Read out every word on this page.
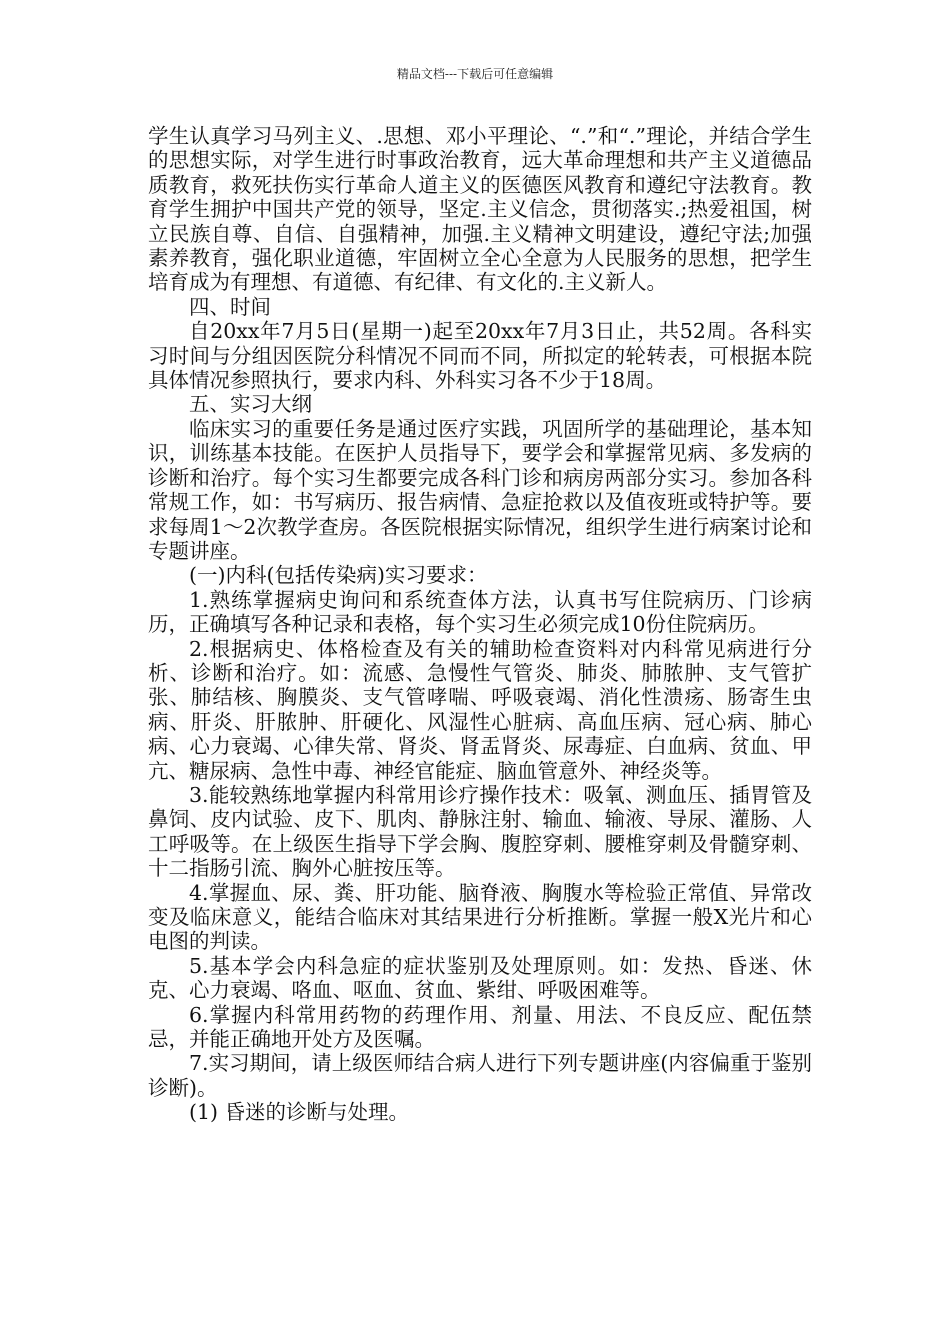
精品文档---下载后可任意编辑

学生认真学习马列主义、.思想、邓小平理论、“.”和“.”理论，并结合学生的思想实际，对学生进行时事政治教育，远大革命理想和共产主义道德品质教育，救死扶伤实行革命人道主义的医德医风教育和遵纪守法教育。教育学生拥护中国共产党的领导，坚定.主义信念，贯彻落实.;热爱祖国，树立民族自尊、自信、自强精神，加强.主义精神文明建设，遵纪守法;加强素养教育，强化职业道德，牢固树立全心全意为人民服务的思想，把学生培育成为有理想、有道德、有纪律、有文化的.主义新人。

四、时间

自20xx年7月5日(星期一)起至20xx年7月3日止，共52周。各科实习时间与分组因医院分科情况不同而不同，所拟定的轮转表，可根据本院具体情况参照执行，要求内科、外科实习各不少于18周。

五、实习大纲

临床实习的重要任务是通过医疗实践，巩固所学的基础理论，基本知识，训练基本技能。在医护人员指导下，要学会和掌握常见病、多发病的诊断和治疗。每个实习生都要完成各科门诊和病房两部分实习。参加各科常规工作，如：书写病历、报告病情、急症抢救以及值夜班或特护等。要求每周1～2次教学查房。各医院根据实际情况，组织学生进行病案讨论和专题讲座。

(一)内科(包括传染病)实习要求：

1.熟练掌握病史询问和系统查体方法，认真书写住院病历、门诊病历，正确填写各种记录和表格，每个实习生必须完成10份住院病历。

2.根据病史、体格检查及有关的辅助检查资料对内科常见病进行分析、诊断和治疗。如：流感、急慢性气管炎、肺炎、肺脓肿、支气管扩张、肺结核、胸膜炎、支气管哮喘、呼吸衰竭、消化性溃疡、肠寄生虫病、肝炎、肝脓肿、肝硬化、风湿性心脏病、高血压病、冠心病、肺心病、心力衰竭、心律失常、肾炎、肾盂肾炎、尿毒症、白血病、贫血、甲亢、糖尿病、急性中毒、神经官能症、脑血管意外、神经炎等。

3.能较熟练地掌握内科常用诊疗操作技术：吸氧、测血压、插胃管及鼻饲、皮内试验、皮下、肌肉、静脉注射、输血、输液、导尿、灌肠、人工呼吸等。在上级医生指导下学会胸、腹腔穿刺、腰椎穿刺及骨髓穿刺、十二指肠引流、胸外心脏按压等。

4.掌握血、尿、粪、肝功能、脑脊液、胸腹水等检验正常值、异常改变及临床意义，能结合临床对其结果进行分析推断。掌握一般X光片和心电图的判读。

5.基本学会内科急症的症状鉴别及处理原则。如：发热、昏迷、休克、心力衰竭、咯血、呕血、贫血、紫绀、呼吸困难等。

6.掌握内科常用药物的药理作用、剂量、用法、不良反应、配伍禁忌，并能正确地开处方及医嘱。

7.实习期间，请上级医师结合病人进行下列专题讲座(内容偏重于鉴别诊断)。

(1) 昏迷的诊断与处理。
